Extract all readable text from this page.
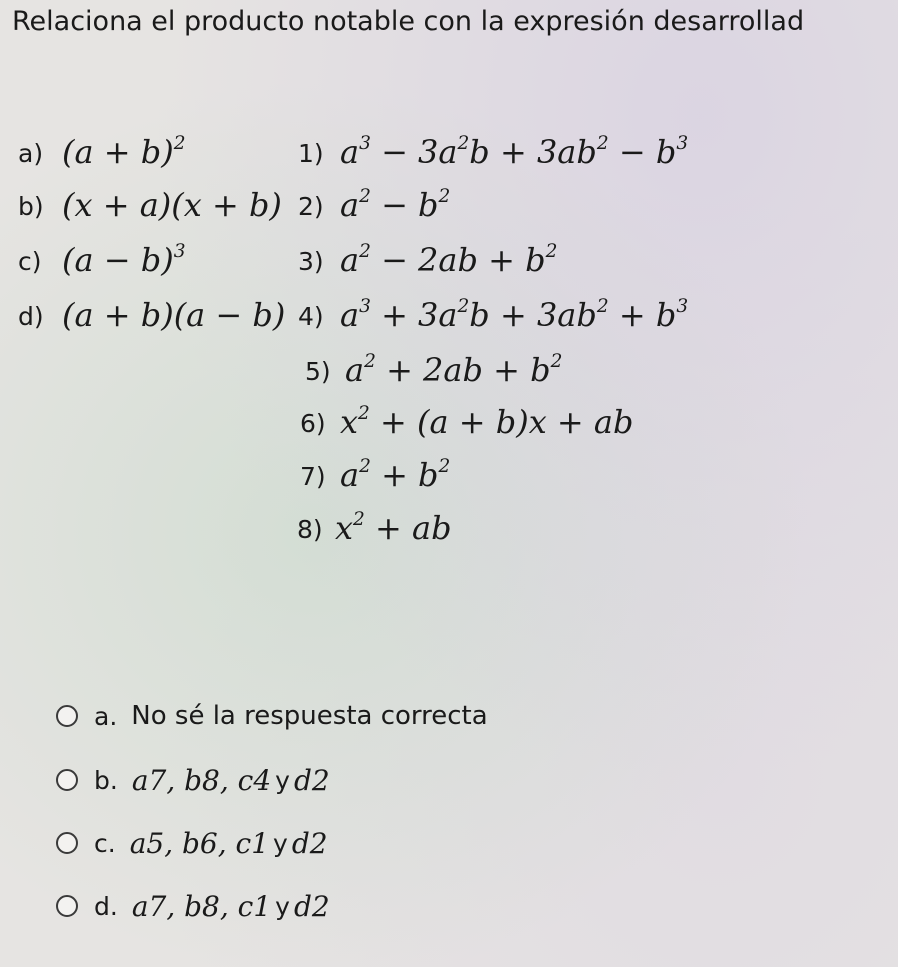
Relaciona el producto notable con la expresión desarrollad
a) $(a + b)^2$
b) (x + a)(x + b)
c) $(a - b)^3$
d) (a + b)(a − b)
1) $a^3 - 3a^2b + 3ab^2 - b^3$
2) $a^2 - b^2$
3) $a^2 - 2ab + b^2$
4) $a^3 + 3a^2b + 3ab^2 + b^3$
5) $a^2 + 2ab + b^2$
6) $x^2 + (a + b)x$ + ab
7) $a^2 + b^2$
8) $x^2$ + ab
a. No sé la respuesta correcta
b. a7, b8, c4 y d2
c. a5, b6, c1 y d2
d. a7, b8, c1 y d2
